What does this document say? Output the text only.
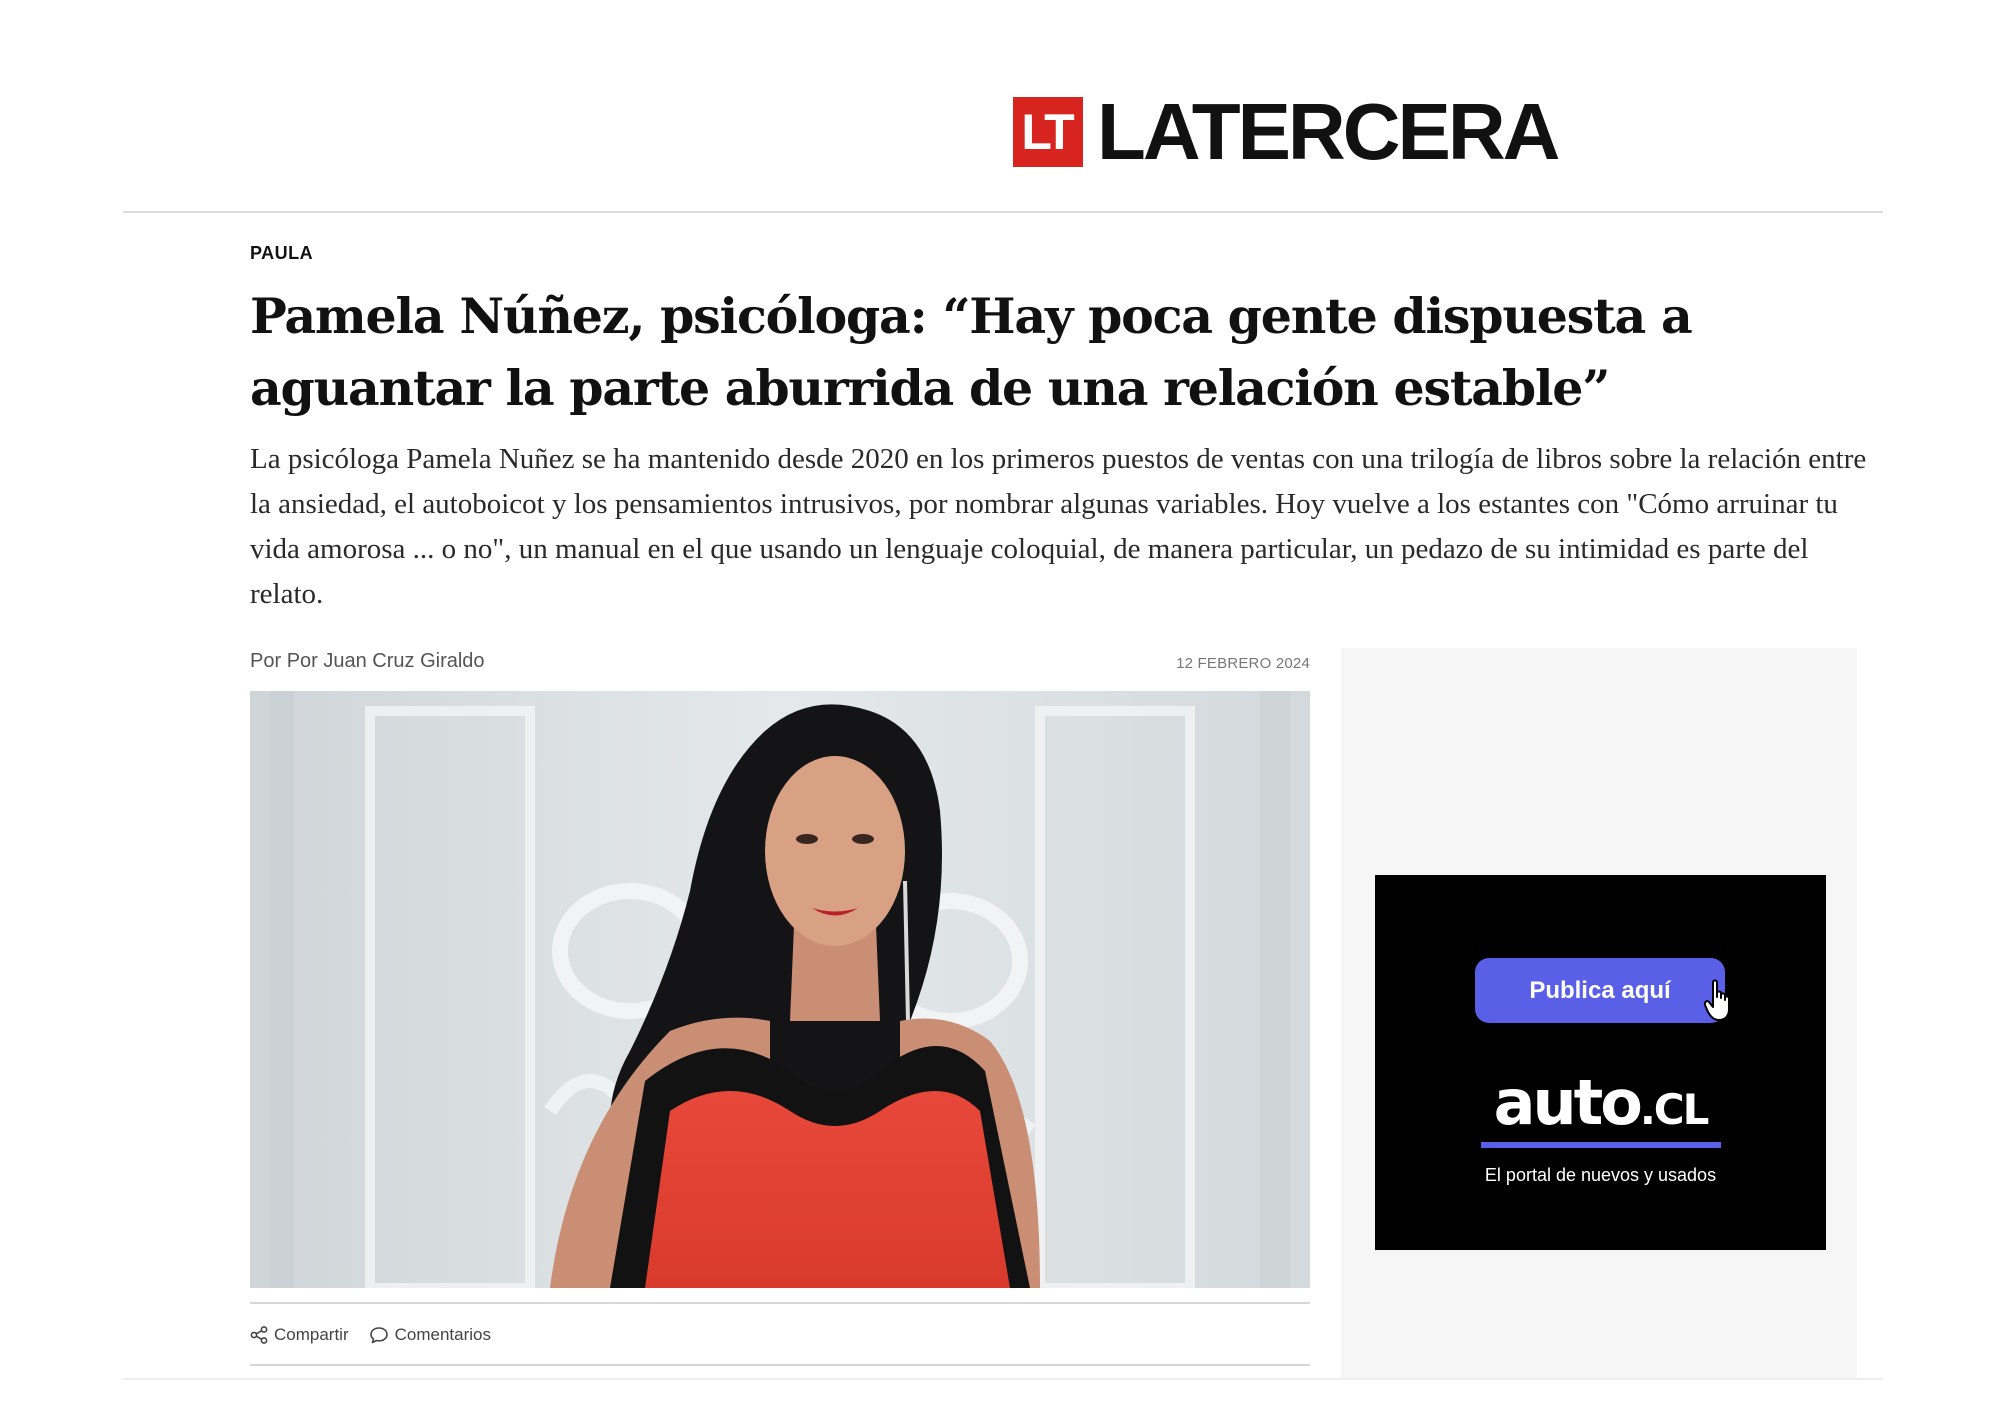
LT LATERCERA
PAULA
Pamela Núñez, psicóloga: “Hay poca gente dispuesta a aguantar la parte aburrida de una relación estable”

La psicóloga Pamela Nuñez se ha mantenido desde 2020 en los primeros puestos de ventas con una trilogía de libros sobre la relación entre la ansiedad, el autoboicot y los pensamientos intrusivos, por nombrar algunas variables. Hoy vuelve a los estantes con "Cómo arruinar tu vida amorosa ... o no", un manual en el que usando un lenguaje coloquial, de manera particular, un pedazo de su intimidad es parte del relato.

Por Por Juan Cruz Giraldo	12 FEBRERO 2024
Compartir	Comentarios
Publica aquí
auto.CL
El portal de nuevos y usados
